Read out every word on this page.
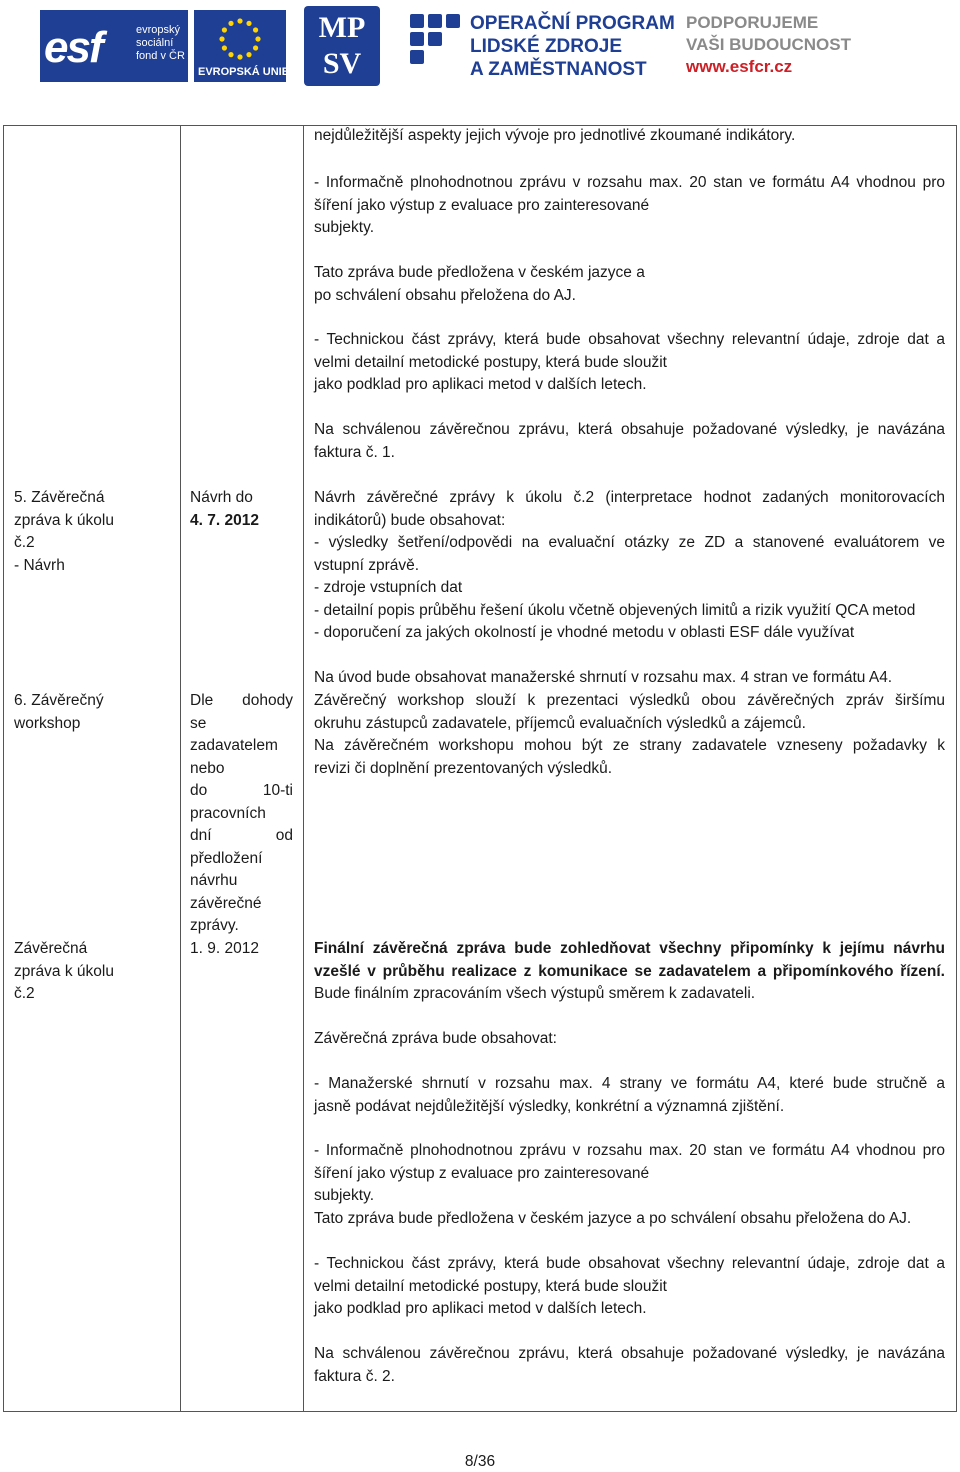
esf	evropský
sociální
fond v ČR
EVROPSKÁ UNIE
MP
SV
OPERAČNÍ PROGRAM
LIDSKÉ ZDROJE
A ZAMĚSTNANOST
PODPORUJEME
VAŠI BUDOUCNOST
www.esfcr.cz
nejdůležitější aspekty jejich vývoje pro jednotlivé zkoumané indikátory.
- Informačně plnohodnotnou zprávu v rozsahu max. 20 stan ve formátu A4 vhodnou pro
šíření jako výstup z evaluace pro zainteresované
subjekty.
Tato zpráva bude předložena v českém jazyce a
po schválení obsahu přeložena do AJ.
- Technickou část zprávy, která bude obsahovat všechny relevantní údaje, zdroje dat a
velmi detailní metodické postupy, která bude sloužit
jako podklad pro aplikaci metod v dalších letech.
Na schválenou závěrečnou zprávu, která obsahuje požadované výsledky, je navázána
faktura č. 1.
5. Závěrečná
zpráva k úkolu
č.2
- Návrh
Návrh do
4. 7. 2012
Návrh závěrečné zprávy k úkolu č.2 (interpretace hodnot zadaných monitorovacích
indikátorů) bude obsahovat:
- výsledky šetření/odpovědi na evaluační otázky ze ZD a stanovené evaluátorem ve
vstupní zprávě.
- zdroje vstupních dat
- detailní popis průběhu řešení úkolu včetně objevených limitů a rizik využití QCA metod
- doporučení za jakých okolností je vhodné metodu v oblasti ESF dále využívat
Na úvod bude obsahovat manažerské shrnutí v rozsahu max. 4 stran ve formátu A4.
6. Závěrečný
workshop
Dle dohody
se
zadavatelem
nebo
do 10-ti
pracovních
dní od
předložení
návrhu
závěrečné
zprávy.
Závěrečný workshop slouží k prezentaci výsledků obou závěrečných zpráv širšímu
okruhu zástupců zadavatele, příjemců evaluačních výsledků a zájemců.
Na závěrečném workshopu mohou být ze strany zadavatele vzneseny požadavky k
revizi či doplnění prezentovaných výsledků.
Závěrečná
zpráva k úkolu
č.2
1. 9. 2012	Finální závěrečná zpráva bude zohledňovat všechny připomínky k jejímu návrhu
vzešlé v průběhu realizace z komunikace se zadavatelem a připomínkového řízení.
Bude finálním zpracováním všech výstupů směrem k zadavateli.
Závěrečná zpráva bude obsahovat:
- Manažerské shrnutí v rozsahu max. 4 strany ve formátu A4, které bude stručně a
jasně podávat nejdůležitější výsledky, konkrétní a významná zjištění.
- Informačně plnohodnotnou zprávu v rozsahu max. 20 stan ve formátu A4 vhodnou pro
šíření jako výstup z evaluace pro zainteresované
subjekty.
Tato zpráva bude předložena v českém jazyce a po schválení obsahu přeložena do AJ.
- Technickou část zprávy, která bude obsahovat všechny relevantní údaje, zdroje dat a
velmi detailní metodické postupy, která bude sloužit
jako podklad pro aplikaci metod v dalších letech.
Na schválenou závěrečnou zprávu, která obsahuje požadované výsledky, je navázána
faktura č. 2.
8/36
